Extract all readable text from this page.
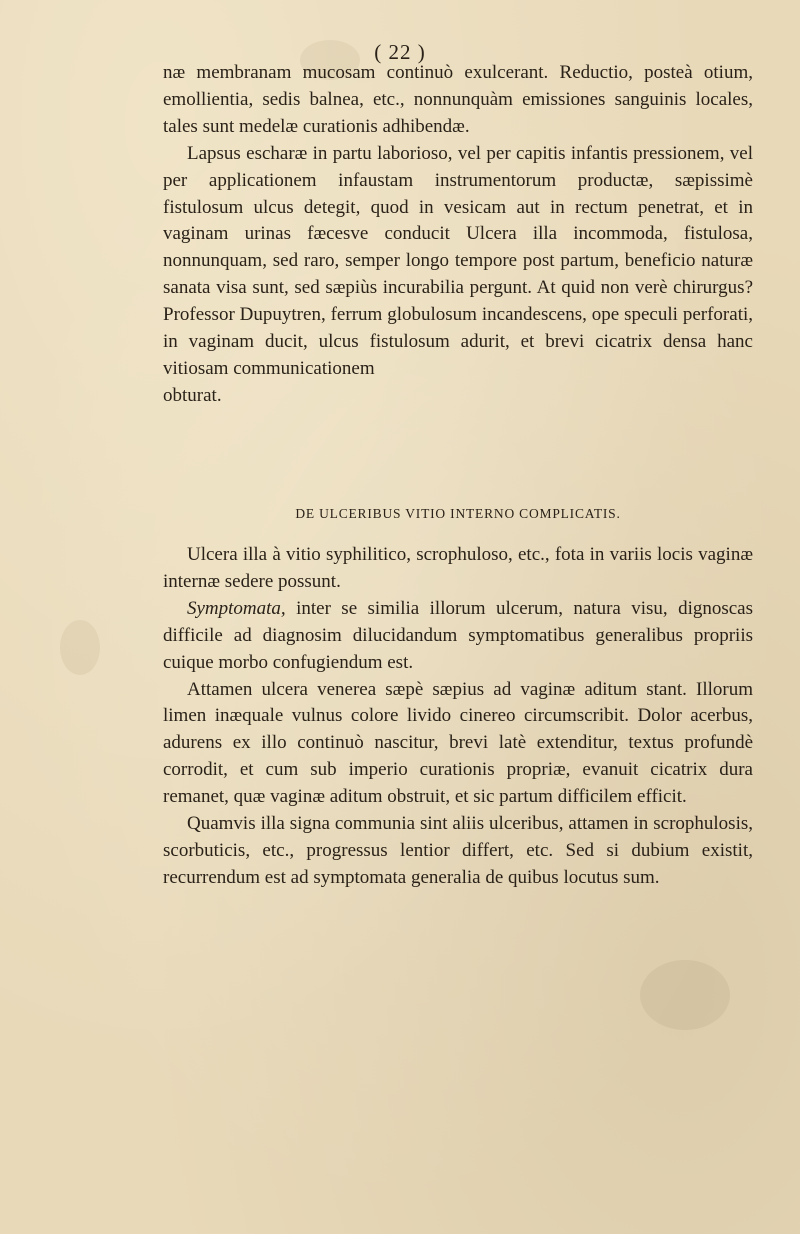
( 22 )

næ membranam mucosam continuò exulcerant. Reductio, posteà otium, emollientia, sedis balnea, etc., nonnunquàm emissiones sanguinis locales, tales sunt medelæ curationis adhibendæ.

Lapsus escharæ in partu laborioso, vel per capitis infantis pressionem, vel per applicationem infaustam instrumentorum productæ, sæpissimè fistulosum ulcus detegit, quod in vesicam aut in rectum penetrat, et in vaginam urinas fæcesve conducit Ulcera illa incommoda, fistulosa, nonnunquam, sed raro, semper longo tempore post partum, beneficio naturæ sanata visa sunt, sed sæpiùs incurabilia pergunt. At quid non verè chirurgus? Professor Dupuytren, ferrum globulosum incandescens, ope speculi perforati, in vaginam ducit, ulcus fistulosum adurit, et brevi cicatrix densa hanc vitiosam communicationem
obturat.

DE ULCERIBUS VITIO INTERNO COMPLICATIS.

Ulcera illa à vitio syphilitico, scrophuloso, etc., fota in variis locis vaginæ internæ sedere possunt.

Symptomata, inter se similia illorum ulcerum, natura visu, dignoscas difficile ad diagnosim dilucidandum symptomatibus generalibus propriis cuique morbo confugiendum est.

Attamen ulcera venerea sæpè sæpius ad vaginæ aditum stant. Illorum limen inæquale vulnus colore livido cinereo circumscribit. Dolor acerbus, adurens ex illo continuò nascitur, brevi latè extenditur, textus profundè corrodit, et cum sub imperio curationis propriæ, evanuit cicatrix dura remanet, quæ vaginæ aditum obstruit, et sic partum difficilem efficit.

Quamvis illa signa communia sint aliis ulceribus, attamen in scrophulosis, scorbuticis, etc., progressus lentior differt, etc. Sed si dubium existit, recurrendum est ad symptomata generalia de quibus locutus sum.
